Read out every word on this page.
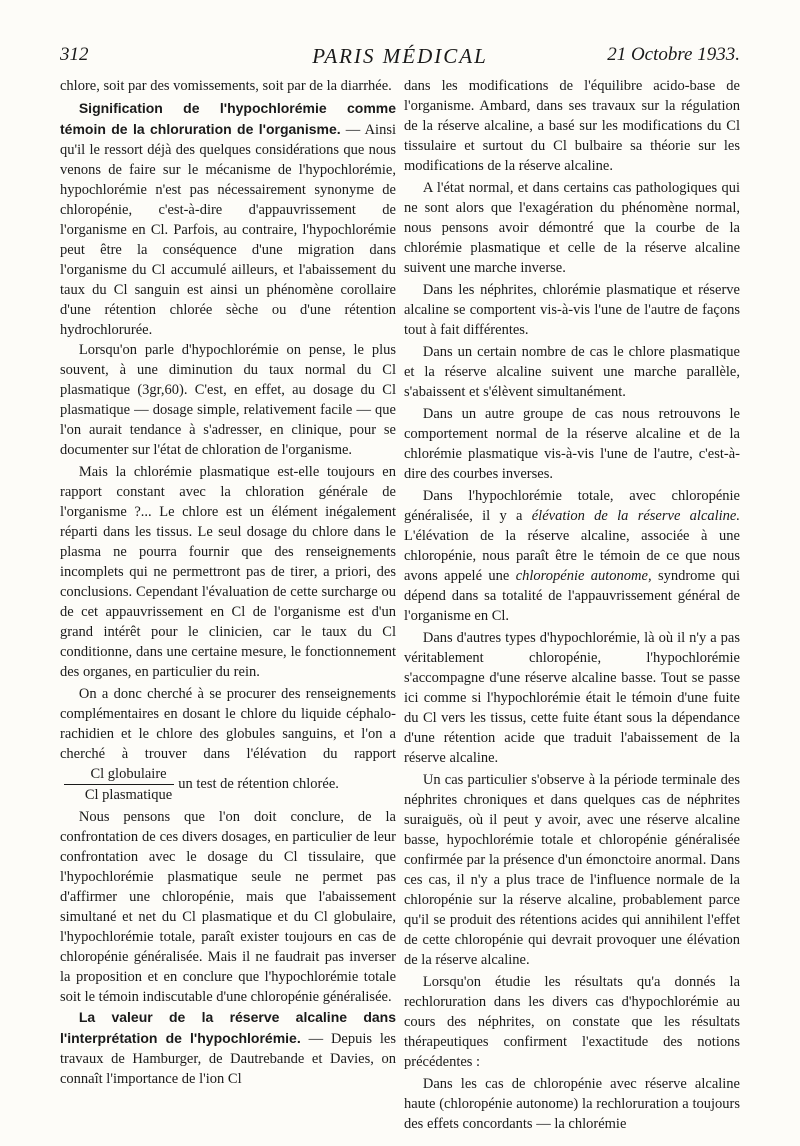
312	PARIS MÉDICAL	21 Octobre 1933.

chlore, soit par des vomissements, soit par de la diarrhée.

Signification de l'hypochlorémie comme témoin de la chloruration de l'organisme. — Ainsi qu'il le ressort déjà des quelques considérations que nous venons de faire sur le mécanisme de l'hypochlorémie, hypochlorémie n'est pas nécessairement synonyme de chloropénie, c'est-à-dire d'appauvrissement de l'organisme en Cl. Parfois, au contraire, l'hypochlorémie peut être la conséquence d'une migration dans l'organisme du Cl accumulé ailleurs, et l'abaissement du taux du Cl sanguin est ainsi un phénomène corollaire d'une rétention chlorée sèche ou d'une rétention hydrochlorurée.

Lorsqu'on parle d'hypochlorémie on pense, le plus souvent, à une diminution du taux normal du Cl plasmatique (3gr,60). C'est, en effet, au dosage du Cl plasmatique — dosage simple, relativement facile — que l'on aurait tendance à s'adresser, en clinique, pour se documenter sur l'état de chloration de l'organisme.

Mais la chlorémie plasmatique est-elle toujours en rapport constant avec la chloration générale de l'organisme ?... Le chlore est un élément inégalement réparti dans les tissus. Le seul dosage du chlore dans le plasma ne pourra fournir que des renseignements incomplets qui ne permettront pas de tirer, a priori, des conclusions. Cependant l'évaluation de cette surcharge ou de cet appauvrissement en Cl de l'organisme est d'un grand intérêt pour le clinicien, car le taux du Cl conditionne, dans une certaine mesure, le fonctionnement des organes, en particulier du rein.

On a donc cherché à se procurer des renseignements complémentaires en dosant le chlore du liquide céphalo-rachidien et le chlore des globules sanguins, et l'on a cherché à trouver dans l'élévation du rapport
$\frac{\text{Cl globulaire}}{\text{Cl plasmatique}}$ un test de rétention chlorée.

Nous pensons que l'on doit conclure, de la confrontation de ces divers dosages, en particulier de leur confrontation avec le dosage du Cl tissulaire, que l'hypochlorémie plasmatique seule ne permet pas d'affirmer une chloropénie, mais que l'abaissement simultané et net du Cl plasmatique et du Cl globulaire, l'hypochlorémie totale, paraît exister toujours en cas de chloropénie généralisée. Mais il ne faudrait pas inverser la proposition et en conclure que l'hypochlorémie totale soit le témoin indiscutable d'une chloropénie généralisée.

La valeur de la réserve alcaline dans l'interprétation de l'hypochlorémie. — Depuis les travaux de Hamburger, de Dautrebande et Davies, on connaît l'importance de l'ion Cl

dans les modifications de l'équilibre acido-base de l'organisme. Ambard, dans ses travaux sur la régulation de la réserve alcaline, a basé sur les modifications du Cl tissulaire et surtout du Cl bulbaire sa théorie sur les modifications de la réserve alcaline.

A l'état normal, et dans certains cas pathologiques qui ne sont alors que l'exagération du phénomène normal, nous pensons avoir démontré que la courbe de la chlorémie plasmatique et celle de la réserve alcaline suivent une marche inverse.

Dans les néphrites, chlorémie plasmatique et réserve alcaline se comportent vis-à-vis l'une de l'autre de façons tout à fait différentes.

Dans un certain nombre de cas le chlore plasmatique et la réserve alcaline suivent une marche parallèle, s'abaissent et s'élèvent simultanément.

Dans un autre groupe de cas nous retrouvons le comportement normal de la réserve alcaline et de la chlorémie plasmatique vis-à-vis l'une de l'autre, c'est-à-dire des courbes inverses.

Dans l'hypochlorémie totale, avec chloropénie généralisée, il y a élévation de la réserve alcaline. L'élévation de la réserve alcaline, associée à une chloropénie, nous paraît être le témoin de ce que nous avons appelé une chloropénie autonome, syndrome qui dépend dans sa totalité de l'appauvrissement général de l'organisme en Cl.

Dans d'autres types d'hypochlorémie, là où il n'y a pas véritablement chloropénie, l'hypochlorémie s'accompagne d'une réserve alcaline basse. Tout se passe ici comme si l'hypochlorémie était le témoin d'une fuite du Cl vers les tissus, cette fuite étant sous la dépendance d'une rétention acide que traduit l'abaissement de la réserve alcaline.

Un cas particulier s'observe à la période terminale des néphrites chroniques et dans quelques cas de néphrites suraiguës, où il peut y avoir, avec une réserve alcaline basse, hypochlorémie totale et chloropénie généralisée confirmée par la présence d'un émonctoire anormal. Dans ces cas, il n'y a plus trace de l'influence normale de la chloropénie sur la réserve alcaline, probablement parce qu'il se produit des rétentions acides qui annihilent l'effet de cette chloropénie qui devrait provoquer une élévation de la réserve alcaline.

Lorsqu'on étudie les résultats qu'a donnés la rechloruration dans les divers cas d'hypochlorémie au cours des néphrites, on constate que les résultats thérapeutiques confirment l'exactitude des notions précédentes :

Dans les cas de chloropénie avec réserve alcaline haute (chloropénie autonome) la rechloruration a toujours des effets concordants — la chlorémie
